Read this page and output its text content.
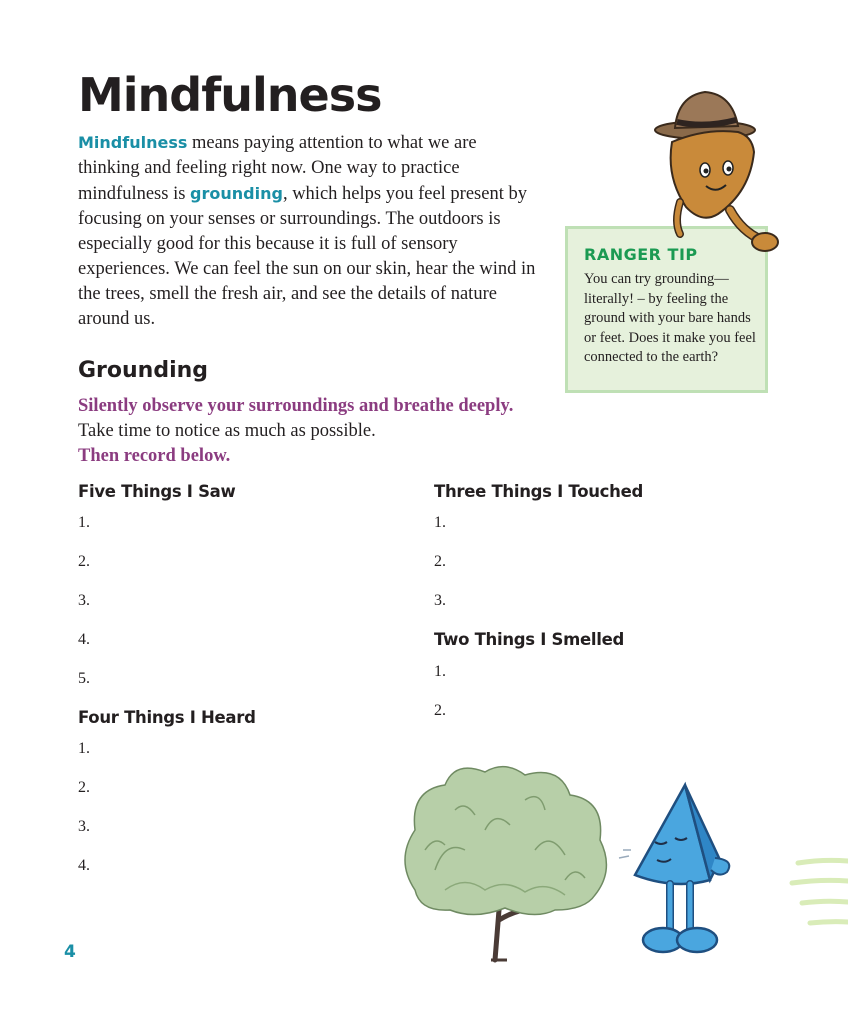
Mindfulness

Mindfulness means paying attention to what we are thinking and feeling right now. One way to practice mindfulness is grounding, which helps you feel present by focusing on your senses or surroundings. The outdoors is especially good for this because it is full of sensory experiences. We can feel the sun on our skin, hear the wind in the trees, smell the fresh air, and see the details of nature around us.

RANGER TIP

You can try grounding—literally! – by feeling the ground with your bare hands or feet. Does it make you feel connected to the earth?

Grounding

Silently observe your surroundings and breathe deeply. Take time to notice as much as possible.
Then record below.

Five Things I Saw
1.
2.
3.
4.
5.
Four Things I Heard
1.
2.
3.
4.
Three Things I Touched
1.
2.
3.
Two Things I Smelled
1.
2.
4
